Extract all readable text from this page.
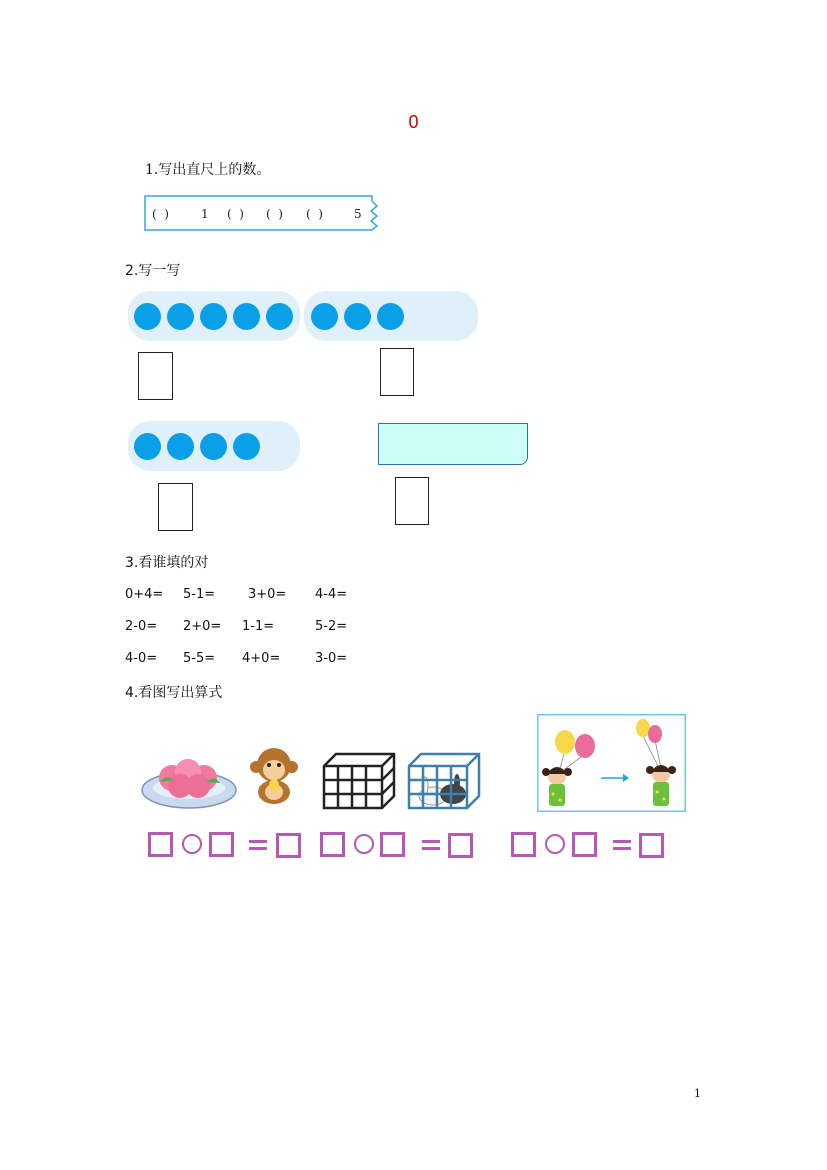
0
1.写出直尺上的数。
(  )	1 (  ) (  ) (  )	5
2.写一写
3.看谁填的对
0+4= 5-1=	3+0= 4-4=
2-0= 2+0= 1-1=	5-2=
4-0= 5-5= 4+0=	3-0=
4.看图写出算式
1
